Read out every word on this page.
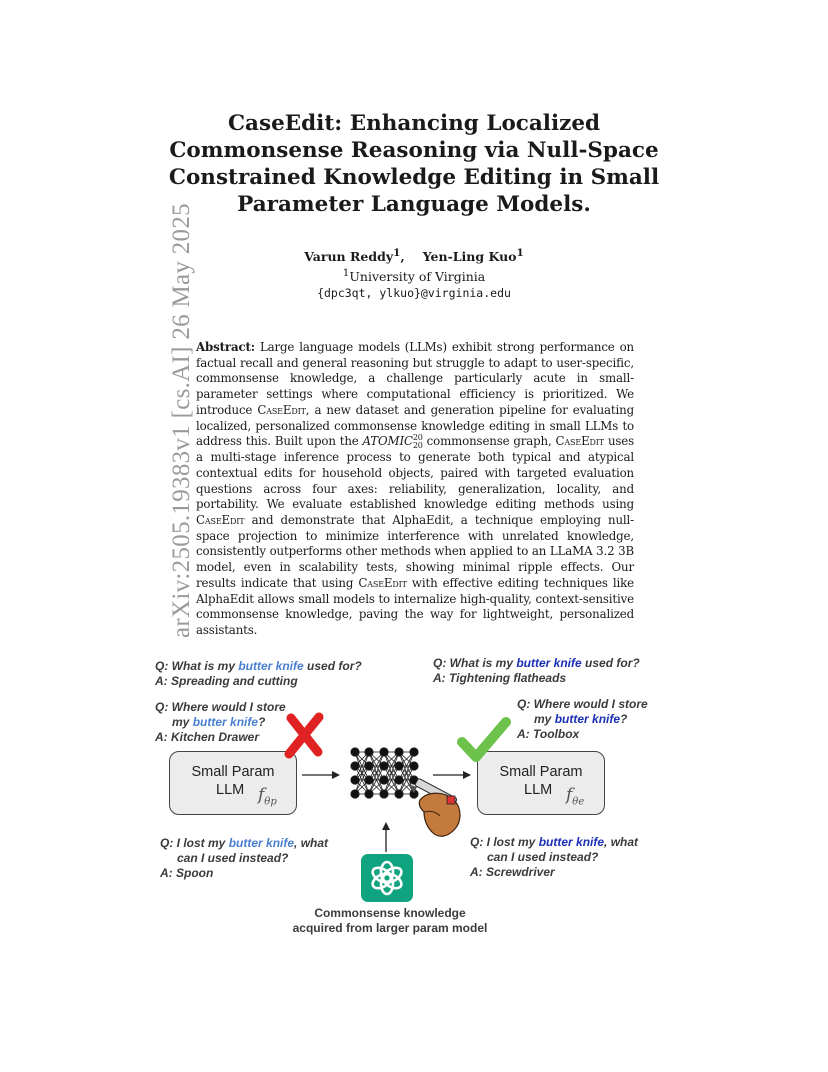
arXiv:2505.19383v1 [cs.AI] 26 May 2025
CaseEdit: Enhancing Localized Commonsense Reasoning via Null-Space Constrained Knowledge Editing in Small Parameter Language Models.
Varun Reddy$^1$, Yen-Ling Kuo$^1$
$^1$University of Virginia
{dpc3qt, ylkuo}@virginia.edu

Abstract: Large language models (LLMs) exhibit strong performance on factual recall and general reasoning but struggle to adapt to user-specific, commonsense knowledge, a challenge particularly acute in small-parameter settings where computational efficiency is prioritized. We introduce CaseEdit, a new dataset and generation pipeline for evaluating localized, personalized commonsense knowledge editing in small LLMs to address this. Built upon the ATOMIC 20
20 commonsense graph, CaseEdit uses a multi-stage inference process to generate both typical and atypical contextual edits for household objects, paired with targeted evaluation questions across four axes: reliability, generalization, locality, and portability. We evaluate established knowledge editing methods using CaseEdit and demonstrate that AlphaEdit, a technique employing null-space projection to minimize interference with unrelated knowledge, consistently outperforms other methods when applied to an LLaMA 3.2 3B model, even in scalability tests, showing minimal ripple effects. Our results indicate that using CaseEdit with effective editing techniques like AlphaEdit allows small models to internalize high-quality, context-sensitive commonsense knowledge, paving the way for lightweight, personalized assistants.

Q: What is my butter knife used for?
A: Spreading and cutting
Q: Where would I store
my butter knife?
A: Kitchen Drawer
Q: I lost my butter knife, what
can I used instead?
A: Spoon
Q: What is my butter knife used for?
A: Tightening flatheads
Q: Where would I store
my butter knife?
A: Toolbox
Q: I lost my butter knife, what
can I used instead?
A: Screwdriver
Small Param
LLM $f_{\theta p}$
Small Param
LLM $f_{\theta e}$
Commonsense knowledge
acquired from larger param model
